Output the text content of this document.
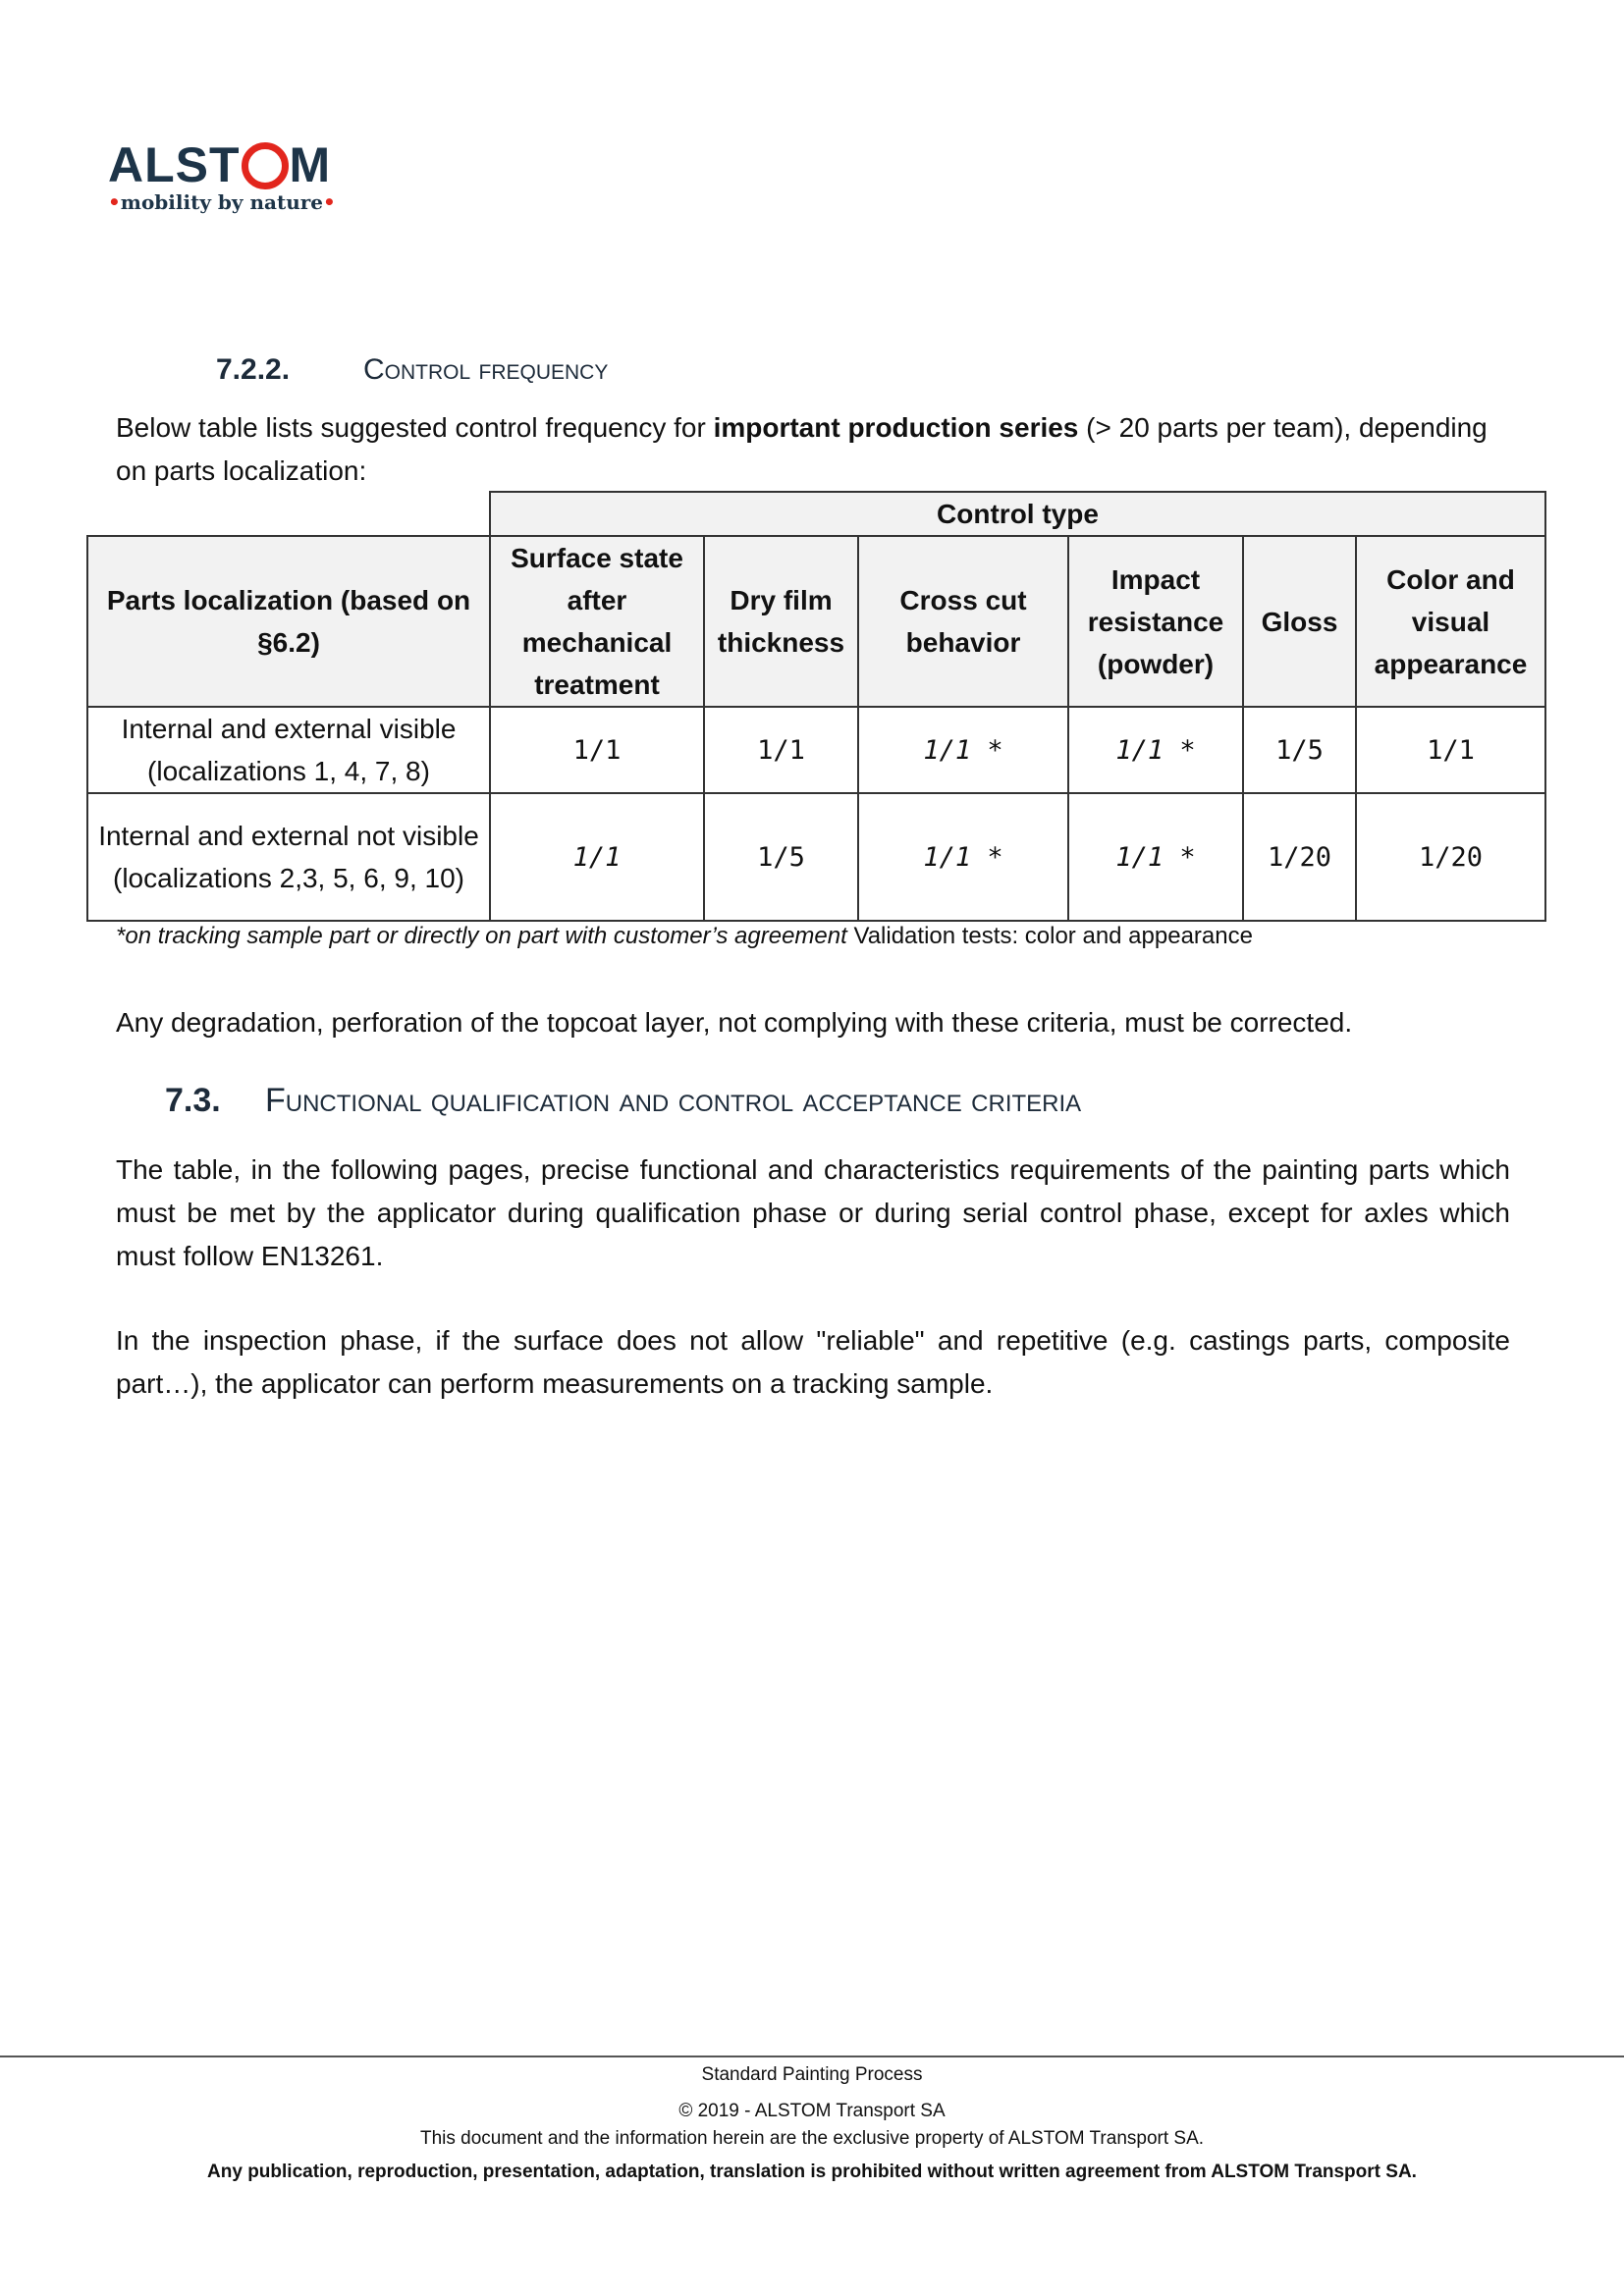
ALST M
•mobility by nature•
7.2.2.	Control frequency
Below table lists suggested control frequency for important production series (> 20 parts per team), depending on parts localization:
	Control type					
Parts localization (based on §6.2)	Surface state after mechanical treatment	Dry film thickness	Cross cut behavior	Impact resistance (powder)	Gloss	Color and visual appearance
Internal and external visible (localizations 1, 4, 7, 8)	1/1	1/1	1/1 *	1/1 *	1/5	1/1
Internal and external not visible (localizations 2,3, 5, 6, 9, 10)	1/1	1/5	1/1 *	1/1 *	1/20	1/20
*on tracking sample part or directly on part with customer’s agreement Validation tests: color and appearance
Any degradation, perforation of the topcoat layer, not complying with these criteria, must be corrected.
7.3.	Functional qualification and control acceptance criteria
The table, in the following pages, precise functional and characteristics requirements of the painting parts which must be met by the applicator during qualification phase or during serial control phase, except for axles which must follow EN13261.
In the inspection phase, if the surface does not allow "reliable" and repetitive (e.g. castings parts, composite part…), the applicator can perform measurements on a tracking sample.
Standard Painting Process
© 2019 - ALSTOM Transport SA
This document and the information herein are the exclusive property of ALSTOM Transport SA.
Any publication, reproduction, presentation, adaptation, translation is prohibited without written agreement from ALSTOM Transport SA.
